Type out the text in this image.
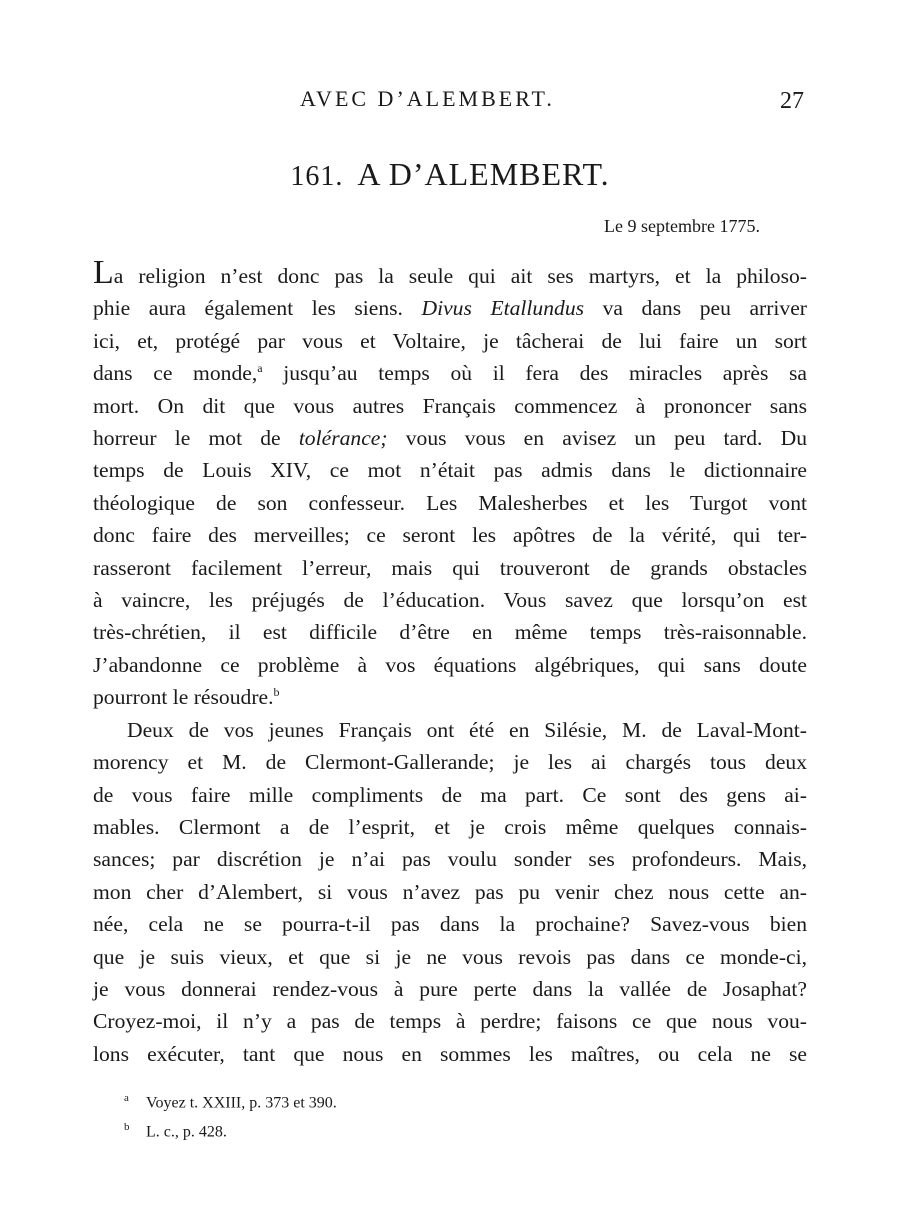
AVEC D’ALEMBERT.	27
161. A D’ALEMBERT.
Le 9 septembre 1775.
La religion n’est donc pas la seule qui ait ses martyrs, et la philoso-
phie aura également les siens. Divus Etallundus va dans peu arriver
ici, et, protégé par vous et Voltaire, je tâcherai de lui faire un sort
dans ce monde,$^a$ jusqu’au temps où il fera des miracles après sa
mort. On dit que vous autres Français commencez à prononcer sans
horreur le mot de tolérance; vous vous en avisez un peu tard. Du
temps de Louis XIV, ce mot n’était pas admis dans le dictionnaire
théologique de son confesseur. Les Malesherbes et les Turgot vont
donc faire des merveilles; ce seront les apôtres de la vérité, qui ter-
rasseront facilement l’erreur, mais qui trouveront de grands obstacles
à vaincre, les préjugés de l’éducation. Vous savez que lorsqu’on est
très-chrétien, il est difficile d’être en même temps très-raisonnable.
J’abandonne ce problème à vos équations algébriques, qui sans doute
pourront le résoudre.$^b$
Deux de vos jeunes Français ont été en Silésie, M. de Laval-Mont-
morency et M. de Clermont-Gallerande; je les ai chargés tous deux
de vous faire mille compliments de ma part. Ce sont des gens ai-
mables. Clermont a de l’esprit, et je crois même quelques connais-
sances; par discrétion je n’ai pas voulu sonder ses profondeurs. Mais,
mon cher d’Alembert, si vous n’avez pas pu venir chez nous cette an-
née, cela ne se pourra-t-il pas dans la prochaine? Savez-vous bien
que je suis vieux, et que si je ne vous revois pas dans ce monde-ci,
je vous donnerai rendez-vous à pure perte dans la vallée de Josaphat?
Croyez-moi, il n’y a pas de temps à perdre; faisons ce que nous vou-
lons exécuter, tant que nous en sommes les maîtres, ou cela ne se
a Voyez t. XXIII, p. 373 et 390.
b L. c., p. 428.
